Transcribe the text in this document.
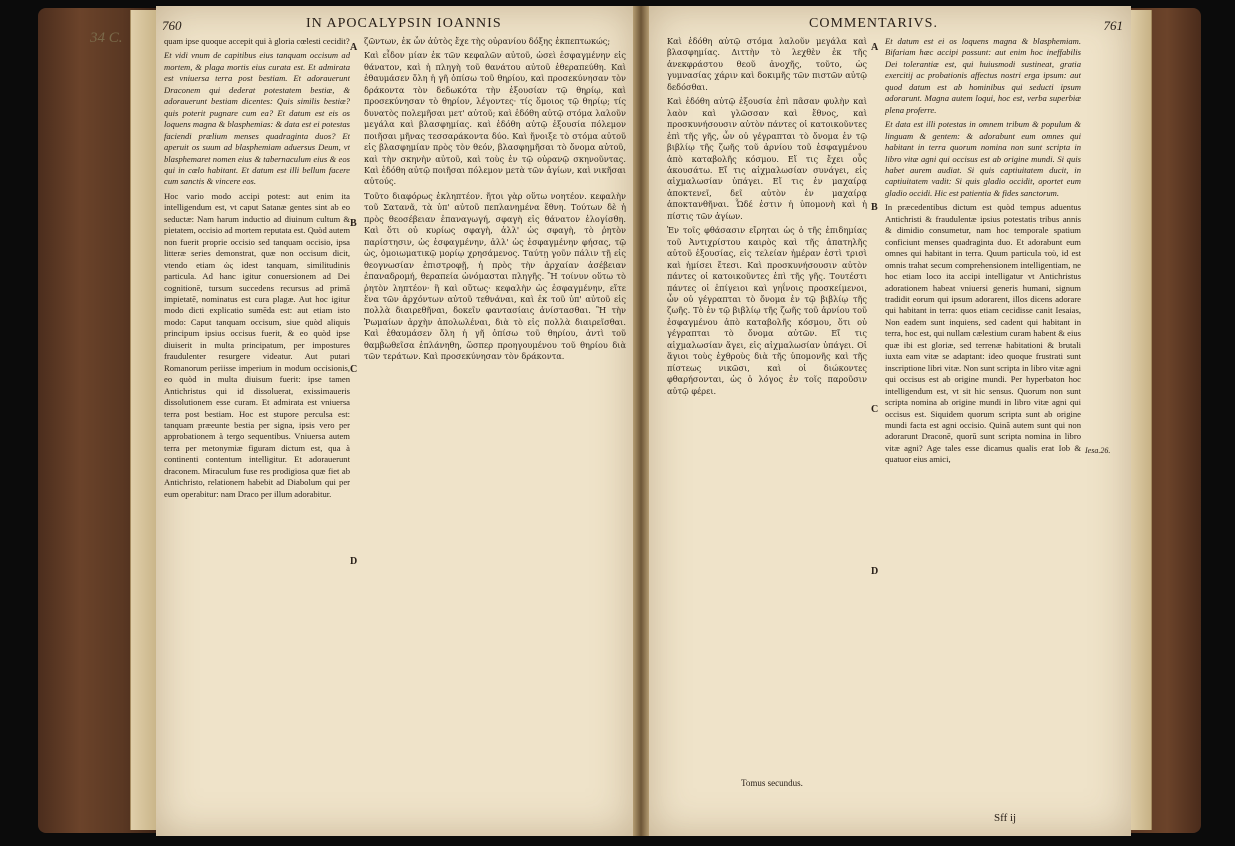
34 C.
760	IN APOCALYPSIN IOANNIS

quam ipse quoque accepit qui à gloria cœlesti cecidit?

Et vidi vnum de capitibus eius tanquam occisum ad mortem, & plaga mortis eius curata est. Et admirata est vniuersa terra post bestiam. Et adorauerunt Draconem qui dederat potestatem bestiæ, & adorauerunt bestiam dicentes: Quis similis bestiæ? quis poterit pugnare cum ea? Et datum est eis os loquens magna & blasphemias: & data est ei potestas faciendi prælium menses quadraginta duos? Et aperuit os suum ad blasphemiam aduersus Deum, vt blasphemaret nomen eius & tabernaculum eius & eos qui in cœlo habitant. Et datum est illi bellum facere cum sanctis & vincere eos.

Hoc vario modo accipi potest: aut enim ita intelligendum est, vt caput Satanæ gentes sint ab eo seductæ: Nam harum inductio ad diuinum cultum & pietatem, occisio ad mortem reputata est. Quòd autem non fuerit proprie occisio sed tanquam occisio, ipsa litteræ series demonstrat, quæ non occisum dicit, vtendo etiam ὡς idest tanquam, similitudinis particula. Ad hanc igitur conuersionem ad Dei cognitionē, tursum succedens recursus ad primā impietatē, nominatus est cura plagæ. Aut hoc igitur modo dicti explicatio sumēda est: aut etiam isto modo: Caput tanquam occisum, siue quòd aliquis principum ipsius occisus fuerit, & eo quòd ipse diuiserit in multa principatum, per impostures fraudulenter resurgere videatur. Aut putari Romanorum periisse imperium in modum occisionis, eo quòd in multa diuisum fuerit: ipse tamen Antichristus qui id dissoluerat, exissimaueris dissolutionem esse curam. Et admirata est vniuersa terra post bestiam. Hoc est stupore perculsa est: tanquam præeunte bestia per signa, ipsis vero per approbationem à tergo sequentibus. Vniuersa autem terra per metonymiæ figuram dictum est, qua à continenti contentum intelligitur. Et adorauerunt draconem. Miraculum fuse res prodigiosa quæ fiet ab Antichristo, relationem habebit ad Diabolum qui per eum operabitur: nam Draco per illum adorabitur.

A
B
C
D

ζῶντων, ἐκ ὧν ἀὐτὸς ἔχε τὴς οὐρανίου δόξης ἐκπεπτωκώς;

Καὶ εἶδον μίαν ἐκ τῶν κεφαλῶν αὐτοῦ, ὡσεὶ ἐσφαγμένην εἰς θάνατον, καὶ ἡ πληγὴ τοῦ θανάτου αὐτοῦ ἐθεραπεύθη. Καὶ ἐθαυμάσεν ὅλη ἡ γῆ ὀπίσω τοῦ θηρίου, καὶ προσεκύνησαν τὸν δράκοντα τὸν δεδωκότα τὴν ἐξουσίαν τῷ θηρίῳ, καὶ προσεκύνησαν τὸ θηρίον, λέγοντες· τίς ὅμοιος τῷ θηρίῳ; τίς δυνατὸς πολεμῆσαι μετ' αὐτοῦ; καὶ ἐδόθη αὐτῷ στόμα λαλοῦν μεγάλα καὶ βλασφημίας. καὶ ἐδόθη αὐτῷ ἐξουσία πόλεμον ποιῆσαι μῆνας τεσσαράκοντα δύο. Καὶ ἤνοιξε τὸ στόμα αὐτοῦ εἰς βλασφημίαν πρὸς τὸν θεόν, βλασφημῆσαι τὸ ὄνομα αὐτοῦ, καὶ τὴν σκηνὴν αὐτοῦ, καὶ τοὺς ἐν τῷ οὐρανῷ σκηνοῦντας. Καὶ ἐδόθη αὐτῷ ποιῆσαι πόλεμον μετὰ τῶν ἁγίων, καὶ νικῆσαι αὐτούς.

Τοῦτο διαφόρως ἐκληπτέον. ἤτοι γὰρ οὕτω νοητέον. κεφαλὴν τοῦ Σατανᾶ, τὰ ὑπ' αὐτοῦ πεπλανημένα ἔθνη. Τούτων δὲ ἡ πρὸς θεοσέβειαν ἐπαναγωγή, σφαγὴ εἰς θάνατον ἐλογίσθη. Καὶ ὅτι οὐ κυρίως σφαγὴ, ἀλλ' ὡς σφαγὴ, τὸ ῥητὸν παρίστησιν, ὡς ἐσφαγμένην, ἀλλ' ὡς ἐσφαγμένην φήσας, τῷ ὡς, ὁμοιωματικῷ μορίῳ χρησάμενος. Ταύτῃ γοῦν πάλιν τῇ εἰς θεογνωσίαν ἐπιστροφῇ, ἡ πρὸς τὴν ἀρχαίαν ἀσέβειαν ἐπαναδρομή, θεραπεία ὠνόμασται πληγῆς. Ἢ τοίνυν οὕτω τὸ ῥητὸν ληπτέον· ἢ καὶ οὕτως· κεφαλὴν ὡς ἐσφαγμένην, εἴτε ἕνα τῶν ἀρχόντων αὐτοῦ τεθνάναι, καὶ ἐκ τοῦ ὑπ' αὐτοῦ εἰς πολλὰ διαιρεθῆναι, δοκεῖν φαντασίαις ἀνίστασθαι. Ἢ τὴν Ῥωμαίων ἀρχὴν ἀπολωλέναι, διὰ τὸ εἰς πολλὰ διαιρεῖσθαι. Καὶ ἐθαυμάσεν ὅλη ἡ γῆ ὀπίσω τοῦ θηρίου, ἀντὶ τοῦ θαμβωθεῖσα ἐπλάνηθη, ὥσπερ προηγουμένου τοῦ θηρίου διὰ τῶν τεράτων. Καὶ προσεκύνησαν τὸν δράκοντα.

COMMENTARIVS.	761

Καὶ ἐδόθη αὐτῷ στόμα λαλοῦν μεγάλα καὶ βλασφημίας. Διττὴν τὸ λεχθὲν ἐκ τῆς ἀνεκφράστου θεοῦ ἀνοχῆς, τοῦτο, ὡς γυμνασίας χάριν καὶ δοκιμῆς τῶν πιστῶν αὐτῷ δεδόσθαι.

Καὶ ἐδόθη αὐτῷ ἐξουσία ἐπὶ πᾶσαν φυλὴν καὶ λαὸν καὶ γλῶσσαν καὶ ἔθνος, καὶ προσκυνήσουσιν αὐτὸν πάντες οἱ κατοικοῦντες ἐπὶ τῆς γῆς, ὧν οὐ γέγραπται τὸ ὄνομα ἐν τῷ βιβλίῳ τῆς ζωῆς τοῦ ἀρνίου τοῦ ἐσφαγμένου ἀπὸ καταβολῆς κόσμου. Εἴ τις ἔχει οὖς ἀκουσάτω. Εἴ τις αἰχμαλωσίαν συνάγει, εἰς αἰχμαλωσίαν ὑπάγει. Εἴ τις ἐν μαχαίρᾳ ἀποκτενεῖ, δεῖ αὐτὸν ἐν μαχαίρᾳ ἀποκτανθῆναι. Ὧδέ ἐστιν ἡ ὑπομονὴ καὶ ἡ πίστις τῶν ἁγίων.

Ἐν τοῖς φθάσασιν εἴρηται ὡς ὁ τῆς ἐπιδημίας τοῦ Ἀντιχρίστου καιρὸς καὶ τῆς ἀπατηλῆς αὐτοῦ ἐξουσίας, εἰς τελείαν ἡμέραν ἐστὶ τρισὶ καὶ ἡμίσει ἔτεσι. Καὶ προσκυνήσουσιν αὐτὸν πάντες οἱ κατοικοῦντες ἐπὶ τῆς γῆς. Τουτέστι πάντες οἱ ἐπίγειοι καὶ γηΐνοις προσκείμενοι, ὧν οὐ γέγραπται τὸ ὄνομα ἐν τῷ βιβλίῳ τῆς ζωῆς. Τὸ ἐν τῷ βιβλίῳ τῆς ζωῆς τοῦ ἀρνίου τοῦ ἐσφαγμένου ἀπὸ καταβολῆς κόσμου, ὅτι οὐ γέγραπται τὸ ὄνομα αὐτῶν. Εἴ τις αἰχμαλωσίαν ἄγει, εἰς αἰχμαλωσίαν ὑπάγει. Οἱ ἅγιοι τοὺς ἐχθροὺς διὰ τῆς ὑπομονῆς καὶ τῆς πίστεως νικῶσι, καὶ οἱ διώκοντες φθαρήσονται, ὡς ὁ λόγος ἐν τοῖς παροῦσιν αὐτῷ φέρει.

Tomus secundus.
A
B
C
D

Et datum est ei os loquens magna & blasphemiam. Bifariam hæc accipi possunt: aut enim hoc ineffabilis Dei tolerantiæ est, qui huiusmodi sustineat, gratia exercitij ac probationis affectus nostri erga ipsum: aut quod datum est ab hominibus qui seducti ipsum adorarunt. Magna autem loqui, hoc est, verba superbiæ plena proferre.

Et data est illi potestas in omnem tribum & populum & linguam & gentem: & adorabunt eum omnes qui habitant in terra quorum nomina non sunt scripta in libro vitæ agni qui occisus est ab origine mundi. Si quis habet aurem audiat. Si quis captiuitatem ducit, in captiuitatem vadit: Si quis gladio occidit, oportet eum gladio occidi. Hic est patientia & fides sanctorum.

In præcedentibus dictum est quòd tempus aduentus Antichristi & fraudulentæ ipsius potestatis tribus annis & dimidio consumetur, nam hoc temporale spatium conficiunt menses quadraginta duo. Et adorabunt eum omnes qui habitant in terra. Quum particula τοὺ, id est omnis trahat secum comprehensionem intelligentiam, ne hoc etiam loco ita accipi intelligatur vt Antichristus adorationem habeat vniuersi generis humani, signum tradidit eorum qui ipsum adorarent, illos dicens adorare qui habitant in terra: quos etiam cecidisse canit Iesaias, Non eadem sunt inquiens, sed cadent qui habitant in terra, hoc est, qui nullam cælestium curam habent & eius quæ ibi est gloriæ, sed terrenæ habitationi & brutali iuxta eam vitæ se adaptant: ideo quoque frustrati sunt inscriptione libri vitæ. Non sunt scripta in libro vitæ agni qui occisus est ab origine mundi. Per hyperbaton hoc intelligendum est, vt sit hic sensus. Quorum non sunt scripta nomina ab origine mundi in libro vitæ agni qui occisus est. Siquidem quorum scripta sunt ab origine mundi facta est agni occisio. Quinã autem sunt qui non adorarunt Draconē, quorū sunt scripta nomina in libro vitæ agni? Age tales esse dicamus qualis erat Iob & quatuor eius amici,

Iesa.26.
Sff ij
